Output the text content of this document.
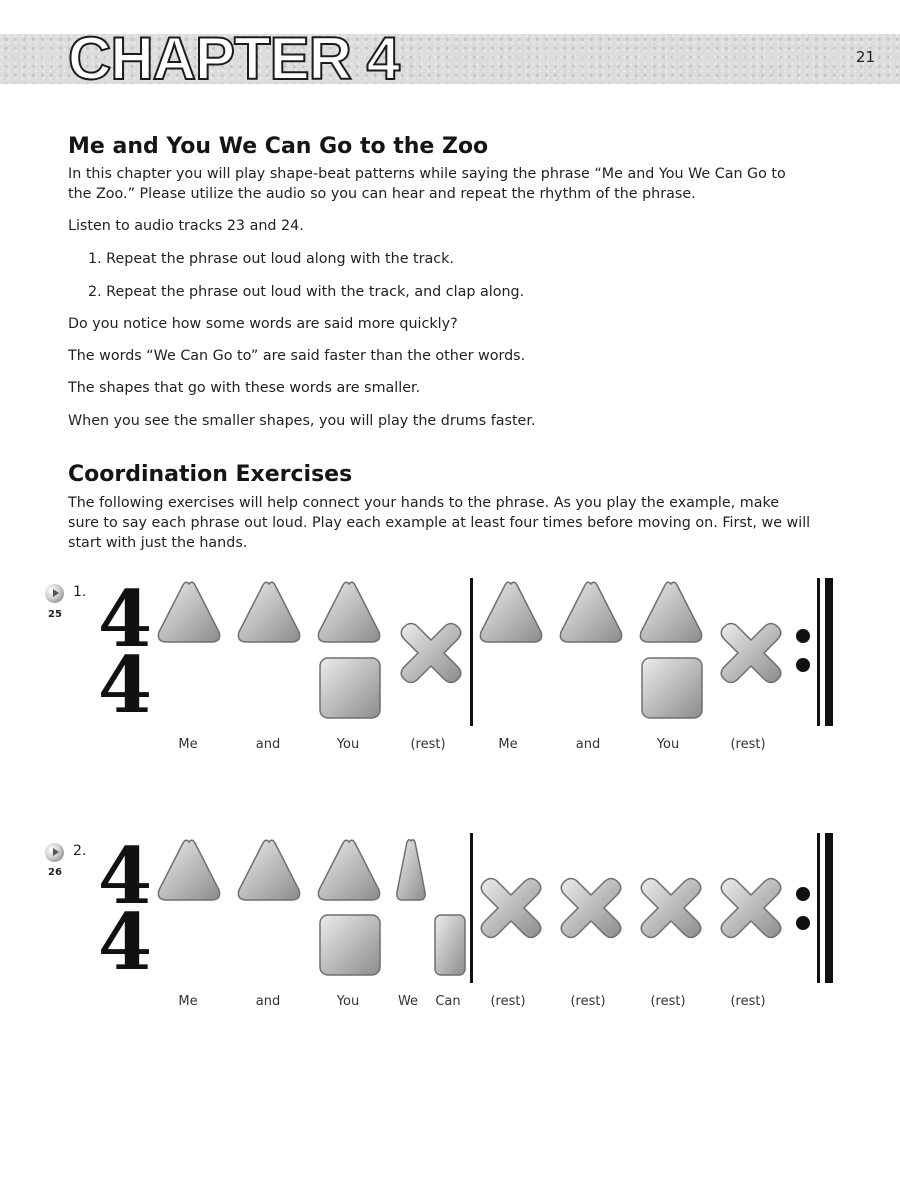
CHAPTER 4	21
Me and You We Can Go to the Zoo

In this chapter you will play shape-beat patterns while saying the phrase “Me and You We Can Go to

the Zoo.” Please utilize the audio so you can hear and repeat the rhythm of the phrase.

Listen to audio tracks 23 and 24.

1. Repeat the phrase out loud along with the track.

2. Repeat the phrase out loud with the track, and clap along.

Do you notice how some words are said more quickly?

The words “We Can Go to” are said faster than the other words.

The shapes that go with these words are smaller.

When you see the smaller shapes, you will play the drums faster.

Coordination Exercises

The following exercises will help connect your hands to the phrase. As you play the example, make

sure to say each phrase out loud. Play each example at least four times before moving on. First, we will

start with just the hands.

1.
25 4
4
Me	and	You	(rest)	Me	and	You	(rest)
2.
26 4
4
Me	and	You	We	Can	(rest)	(rest)	(rest)	(rest)
